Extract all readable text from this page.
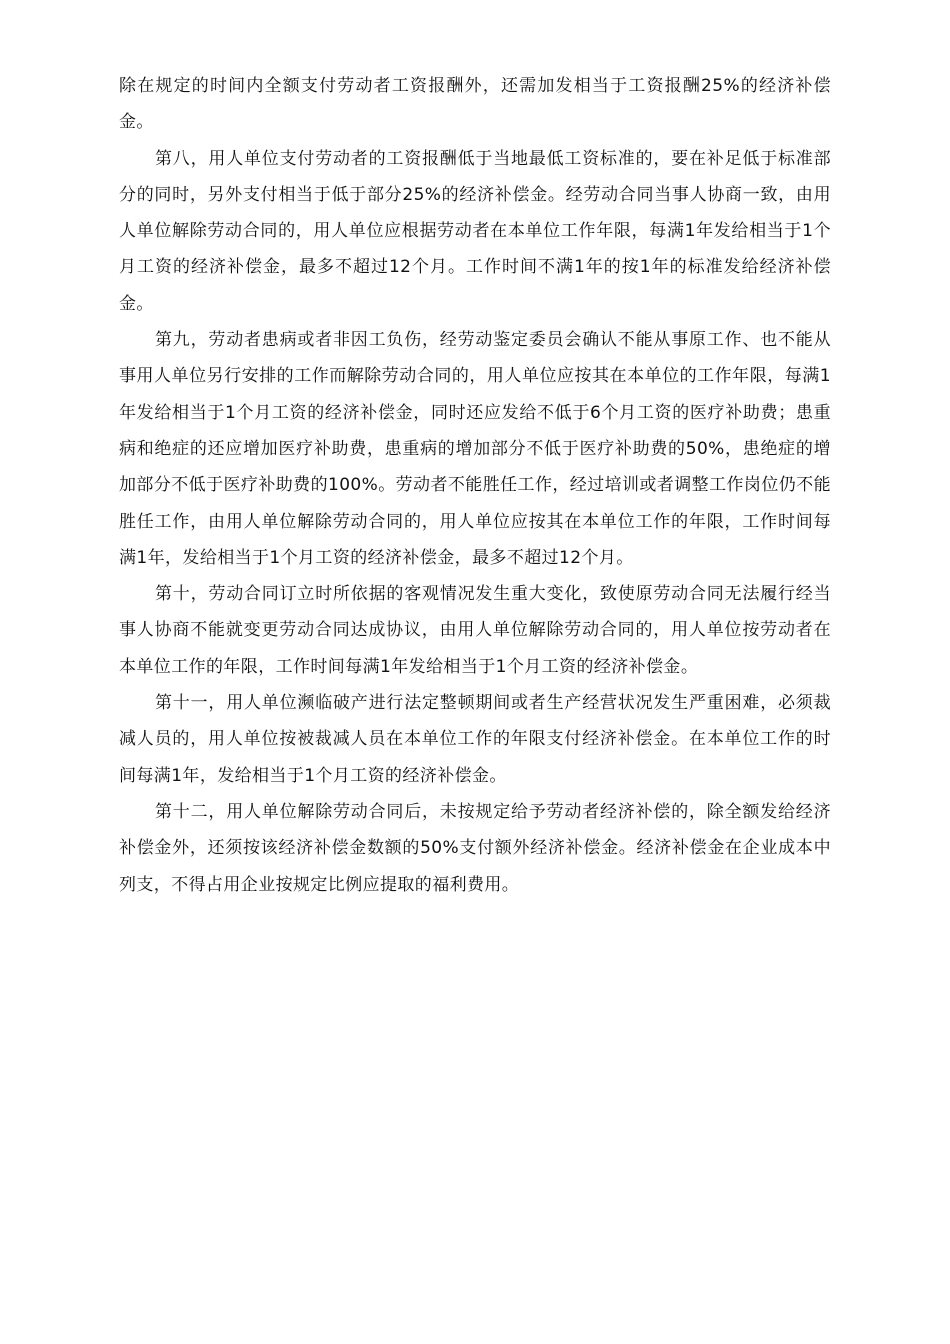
除在规定的时间内全额支付劳动者工资报酬外，还需加发相当于工资报酬25%的经济补偿金。

第八，用人单位支付劳动者的工资报酬低于当地最低工资标准的，要在补足低于标准部分的同时，另外支付相当于低于部分25%的经济补偿金。经劳动合同当事人协商一致，由用人单位解除劳动合同的，用人单位应根据劳动者在本单位工作年限，每满1年发给相当于1个月工资的经济补偿金，最多不超过12个月。工作时间不满1年的按1年的标准发给经济补偿金。

第九，劳动者患病或者非因工负伤，经劳动鉴定委员会确认不能从事原工作、也不能从事用人单位另行安排的工作而解除劳动合同的，用人单位应按其在本单位的工作年限，每满1年发给相当于1个月工资的经济补偿金，同时还应发给不低于6个月工资的医疗补助费；患重病和绝症的还应增加医疗补助费，患重病的增加部分不低于医疗补助费的50%，患绝症的增加部分不低于医疗补助费的100%。劳动者不能胜任工作，经过培训或者调整工作岗位仍不能胜任工作，由用人单位解除劳动合同的，用人单位应按其在本单位工作的年限，工作时间每满1年，发给相当于1个月工资的经济补偿金，最多不超过12个月。

第十，劳动合同订立时所依据的客观情况发生重大变化，致使原劳动合同无法履行经当事人协商不能就变更劳动合同达成协议，由用人单位解除劳动合同的，用人单位按劳动者在本单位工作的年限，工作时间每满1年发给相当于1个月工资的经济补偿金。

第十一，用人单位濒临破产进行法定整顿期间或者生产经营状况发生严重困难，必须裁减人员的，用人单位按被裁减人员在本单位工作的年限支付经济补偿金。在本单位工作的时间每满1年，发给相当于1个月工资的经济补偿金。

第十二，用人单位解除劳动合同后，未按规定给予劳动者经济补偿的，除全额发给经济补偿金外，还须按该经济补偿金数额的50%支付额外经济补偿金。经济补偿金在企业成本中列支，不得占用企业按规定比例应提取的福利费用。
